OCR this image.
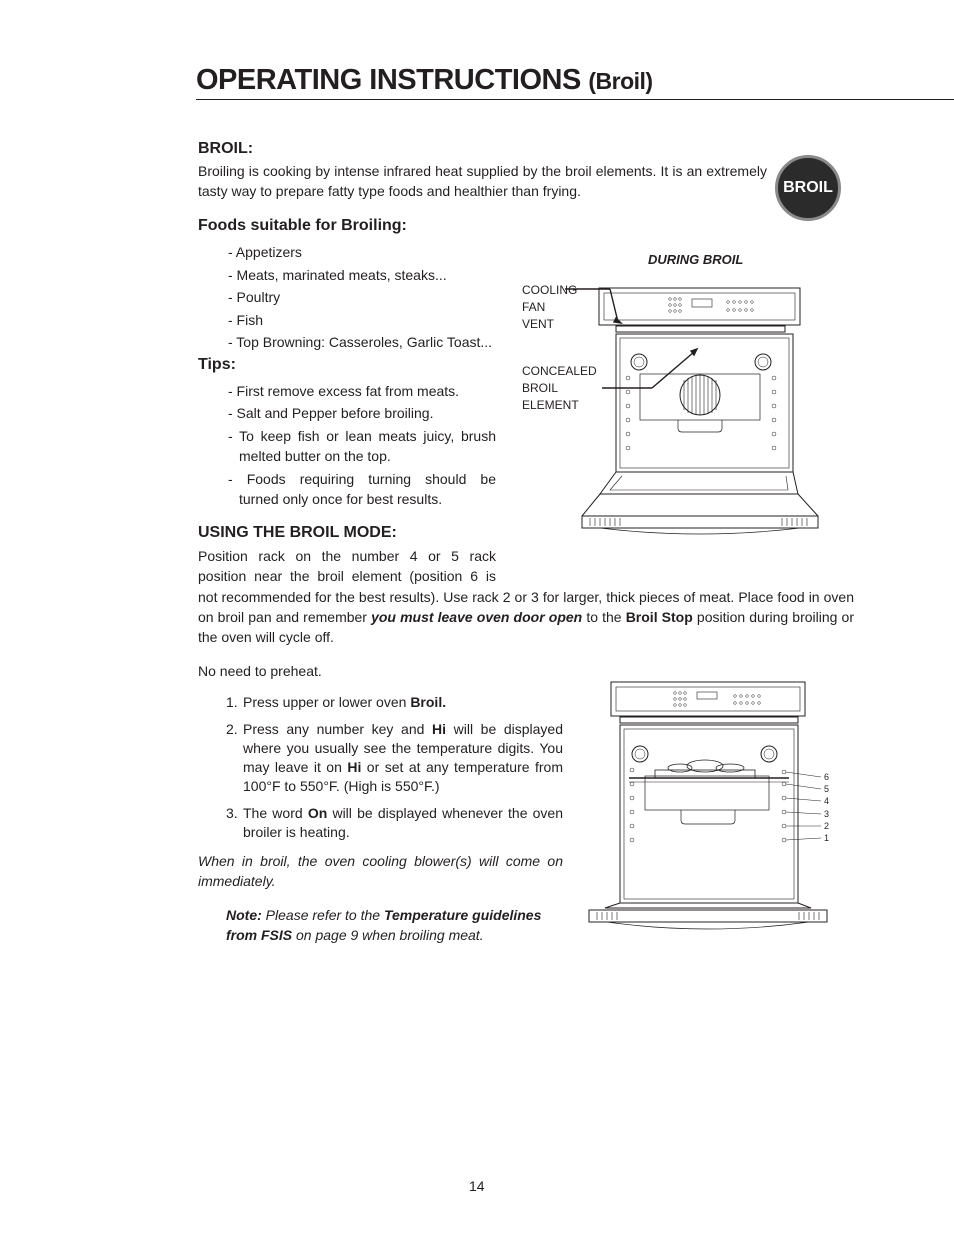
OPERATING INSTRUCTIONS (Broil)
BROIL:
Broiling is cooking by intense infrared heat supplied by the broil elements. It is an extremely tasty way to prepare fatty type foods and healthier than frying.	BROIL
Foods suitable for Broiling:
- Appetizers
- Meats, marinated meats, steaks...
- Poultry
- Fish
- Top Browning: Casseroles, Garlic Toast...
Tips:
- First remove excess fat from meats.
- Salt and Pepper before broiling.
- To keep fish or lean meats juicy, brush
melted butter on the top.
- Foods requiring turning should be
turned only once for best results.
DURING BROIL
COOLING
FAN
VENT
CONCEALED
BROIL
ELEMENT
USING THE BROIL MODE:
Position rack on the number 4 or 5 rack
position near the broil element (position 6 is
not recommended for the best results). Use rack 2 or 3 for larger, thick pieces of meat. Place food in oven on broil pan and remember you must leave oven door open to the Broil Stop position during broiling or the oven will cycle off.
No need to preheat.
1. Press upper or lower oven Broil.
2. Press any number key and Hi will be displayed where you usually see the temperature digits. You may leave it on Hi or set at any temperature from 100°F to 550°F. (High is 550°F.)
3. The word On will be displayed whenever the oven broiler is heating.
When in broil, the oven cooling blower(s) will come on immediately.
Note: Please refer to the Temperature guidelines from FSIS on page 9 when broiling meat.
6
5
4
3
2
1
14
